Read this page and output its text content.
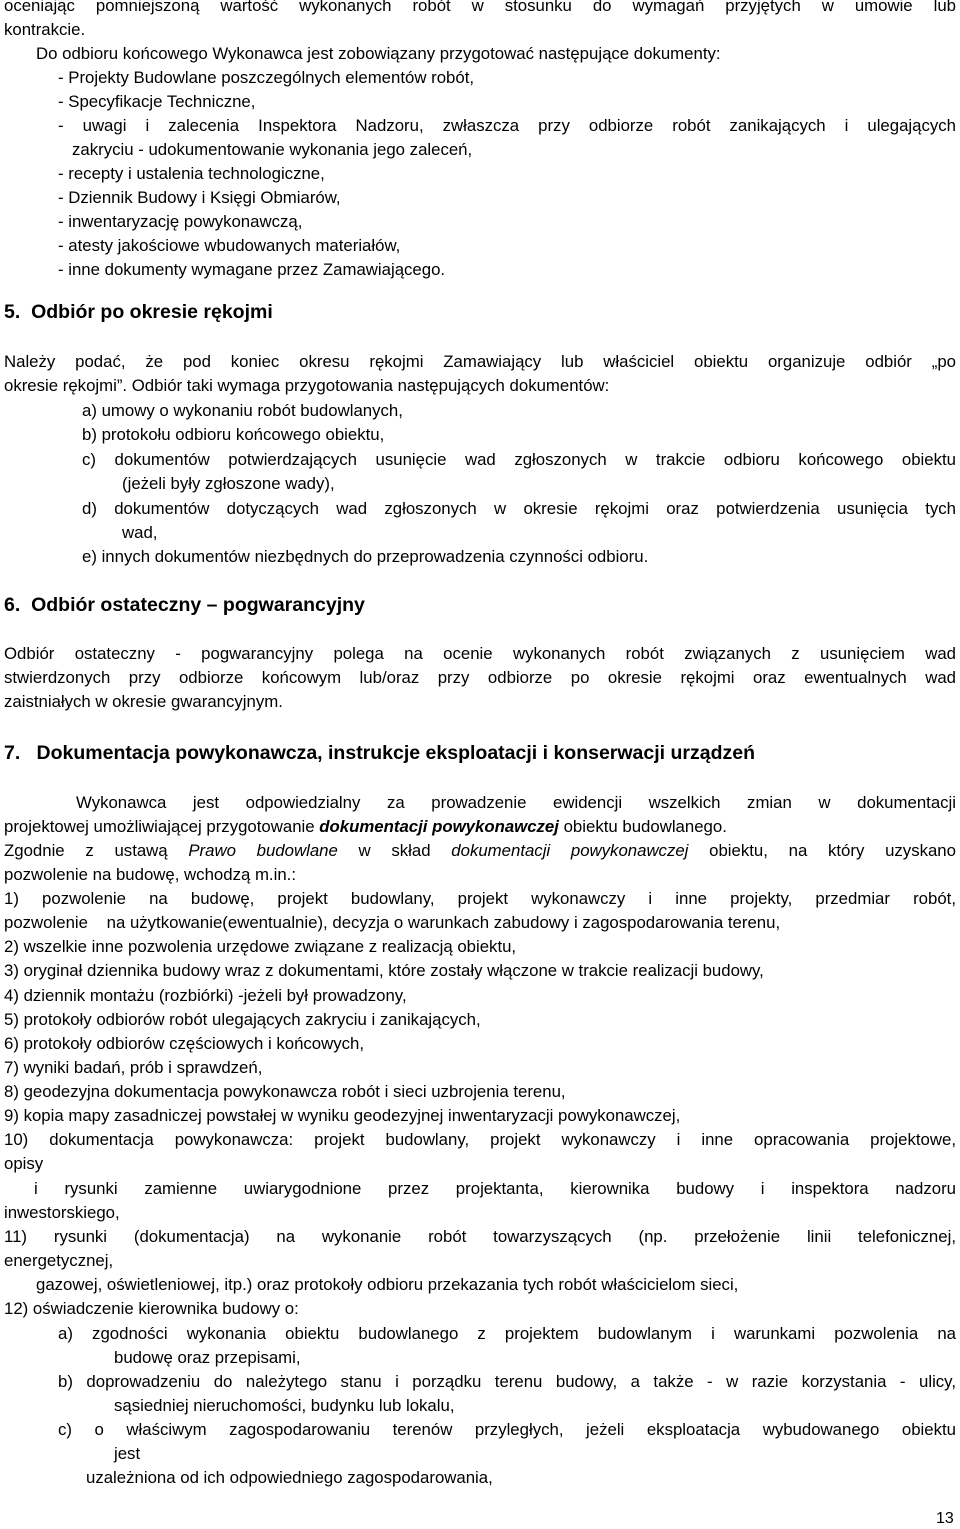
oceniając pomniejszoną wartość wykonanych robót w stosunku do wymagań przyjętych w umowie lub
kontrakcie.
Do odbioru końcowego Wykonawca jest zobowiązany przygotować następujące dokumenty:
- Projekty Budowlane poszczególnych elementów robót,
- Specyfikacje Techniczne,
- uwagi i zalecenia Inspektora Nadzoru, zwłaszcza przy odbiorze robót zanikających i ulegających
zakryciu - udokumentowanie wykonania jego zaleceń,
- recepty i ustalenia technologiczne,
- Dziennik Budowy i Księgi Obmiarów,
- inwentaryzację powykonawczą,
- atesty jakościowe wbudowanych materiałów,
- inne dokumenty wymagane przez Zamawiającego.
5.  Odbiór po okresie rękojmi
Należy podać, że pod koniec okresu rękojmi Zamawiający lub właściciel obiektu organizuje odbiór „po
okresie rękojmi”. Odbiór taki wymaga przygotowania następujących dokumentów:
a) umowy o wykonaniu robót budowlanych,
b) protokołu odbioru końcowego obiektu,
c) dokumentów potwierdzających usunięcie wad zgłoszonych w trakcie odbioru końcowego obiektu
(jeżeli były zgłoszone wady),
d) dokumentów dotyczących wad zgłoszonych w okresie rękojmi oraz potwierdzenia usunięcia tych
wad,
e) innych dokumentów niezbędnych do przeprowadzenia czynności odbioru.
6.  Odbiór ostateczny – pogwarancyjny
Odbiór ostateczny - pogwarancyjny polega na ocenie wykonanych robót związanych z usunięciem wad
stwierdzonych przy odbiorze końcowym lub/oraz przy odbiorze po okresie rękojmi oraz ewentualnych wad
zaistniałych w okresie gwarancyjnym.
7.   Dokumentacja powykonawcza, instrukcje eksploatacji i konserwacji urządzeń
Wykonawca jest odpowiedzialny za prowadzenie ewidencji wszelkich zmian w dokumentacji
projektowej umożliwiającej przygotowanie dokumentacji powykonawczej obiektu budowlanego.
Zgodnie z ustawą Prawo budowlane w skład dokumentacji powykonawczej obiektu, na który uzyskano
pozwolenie na budowę, wchodzą m.in.:
1) pozwolenie na budowę, projekt budowlany, projekt wykonawczy i inne projekty, przedmiar robót,
pozwolenie    na użytkowanie(ewentualnie), decyzja o warunkach zabudowy i zagospodarowania terenu,
2) wszelkie inne pozwolenia urzędowe związane z realizacją obiektu,
3) oryginał dziennika budowy wraz z dokumentami, które zostały włączone w trakcie realizacji budowy,
4) dziennik montażu (rozbiórki) -jeżeli był prowadzony,
5) protokoły odbiorów robót ulegających zakryciu i zanikających,
6) protokoły odbiorów częściowych i końcowych,
7) wyniki badań, prób i sprawdzeń,
8) geodezyjna dokumentacja powykonawcza robót i sieci uzbrojenia terenu,
9) kopia mapy zasadniczej powstałej w wyniku geodezyjnej inwentaryzacji powykonawczej,
10) dokumentacja powykonawcza: projekt budowlany, projekt wykonawczy i inne opracowania projektowe,
opisy
i rysunki zamienne uwiarygodnione przez projektanta, kierownika budowy i inspektora nadzoru
inwestorskiego,
11) rysunki (dokumentacja) na wykonanie robót towarzyszących (np. przełożenie linii telefonicznej,
energetycznej,
gazowej, oświetleniowej, itp.) oraz protokoły odbioru przekazania tych robót właścicielom sieci,
12) oświadczenie kierownika budowy o:
a) zgodności wykonania obiektu budowlanego z projektem budowlanym i warunkami pozwolenia na
budowę oraz przepisami,
b) doprowadzeniu do należytego stanu i porządku terenu budowy, a także - w razie korzystania - ulicy,
sąsiedniej nieruchomości, budynku lub lokalu,
c) o właściwym zagospodarowaniu terenów przyległych, jeżeli eksploatacja wybudowanego obiektu
jest
uzależniona od ich odpowiedniego zagospodarowania,
13
